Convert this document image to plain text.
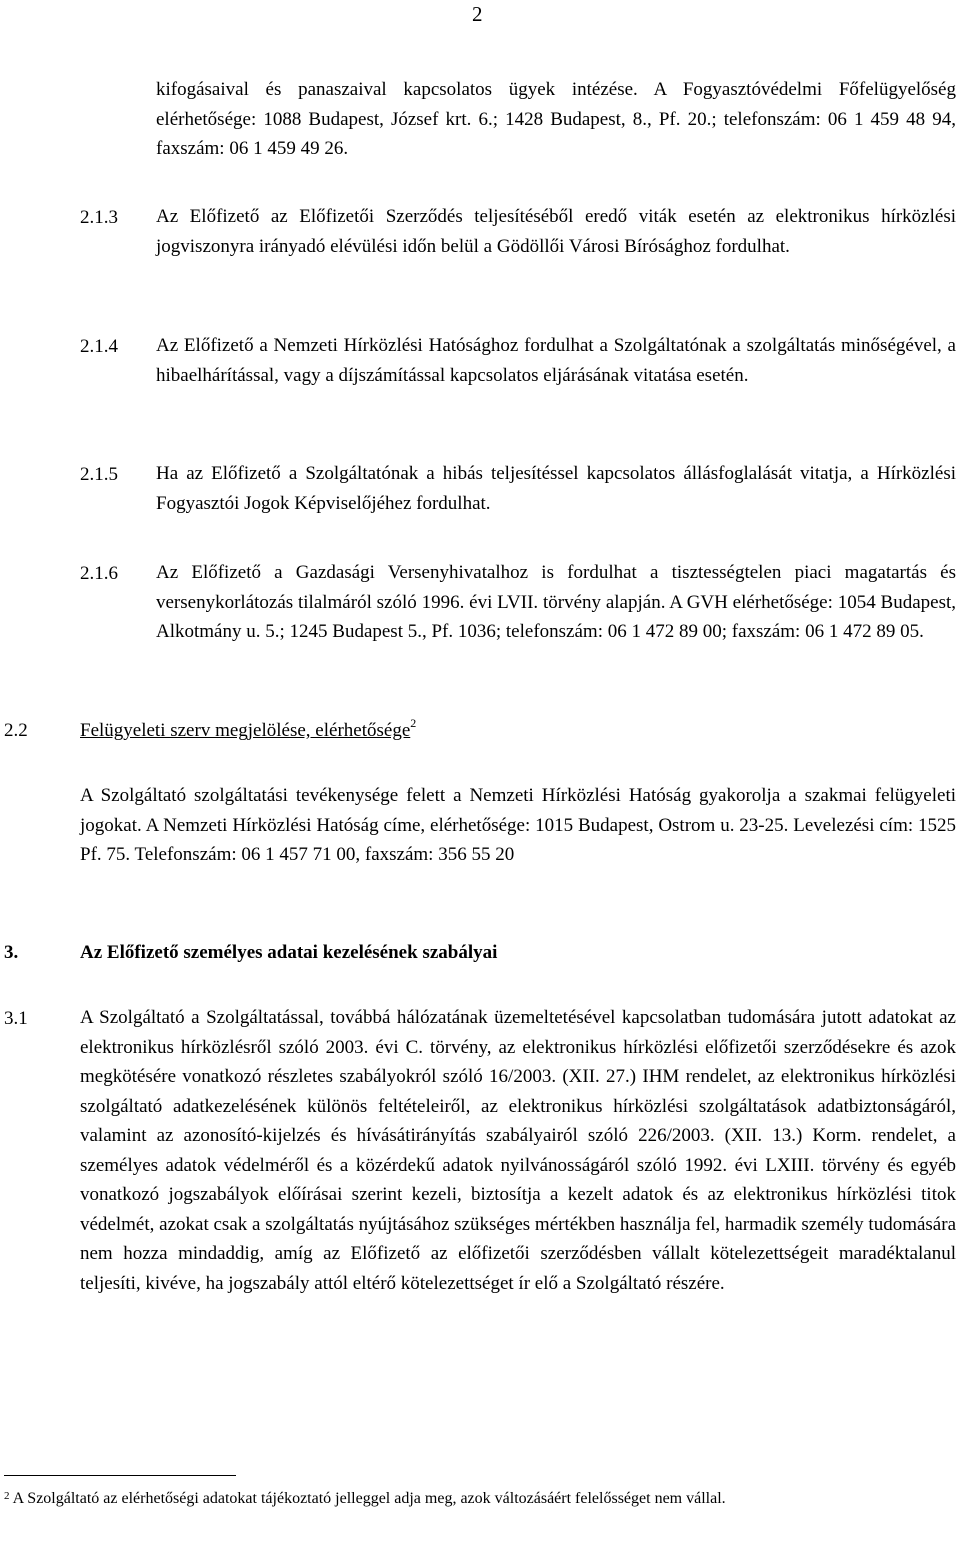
2
kifogásaival és panaszaival kapcsolatos ügyek intézése. A Fogyasztóvédelmi Főfelügyelőség elérhetősége: 1088 Budapest, József krt. 6.; 1428 Budapest, 8., Pf. 20.; telefonszám: 06 1 459 48 94, faxszám: 06 1 459 49 26.
2.1.3 Az Előfizető az Előfizetői Szerződés teljesítéséből eredő viták esetén az elektronikus hírközlési jogviszonyra irányadó elévülési időn belül a Gödöllői Városi Bírósághoz fordulhat.
2.1.4 Az Előfizető a Nemzeti Hírközlési Hatósághoz fordulhat a Szolgáltatónak a szolgáltatás minőségével, a hibaelhárítással, vagy a díjszámítással kapcsolatos eljárásának vitatása esetén.
2.1.5 Ha az Előfizető a Szolgáltatónak a hibás teljesítéssel kapcsolatos állásfoglalását vitatja, a Hírközlési Fogyasztói Jogok Képviselőjéhez fordulhat.
2.1.6 Az Előfizető a Gazdasági Versenyhivatalhoz is fordulhat a tisztességtelen piaci magatartás és versenykorlátozás tilalmáról szóló 1996. évi LVII. törvény alapján. A GVH elérhetősége: 1054 Budapest, Alkotmány u. 5.; 1245 Budapest 5., Pf. 1036; telefonszám: 06 1 472 89 00; faxszám: 06 1 472 89 05.
2.2	Felügyeleti szerv megjelölése, elérhetősége$^2$
A Szolgáltató szolgáltatási tevékenysége felett a Nemzeti Hírközlési Hatóság gyakorolja a szakmai felügyeleti jogokat. A Nemzeti Hírközlési Hatóság címe, elérhetősége: 1015 Budapest, Ostrom u. 23-25. Levelezési cím: 1525 Pf. 75. Telefonszám: 06 1 457 71 00, faxszám: 356 55 20
3.	Az Előfizető személyes adatai kezelésének szabályai
3.1	A Szolgáltató a Szolgáltatással, továbbá hálózatának üzemeltetésével kapcsolatban tudomására jutott adatokat az elektronikus hírközlésről szóló 2003. évi C. törvény, az elektronikus hírközlési előfizetői szerződésekre és azok megkötésére vonatkozó részletes szabályokról szóló 16/2003. (XII. 27.) IHM rendelet, az elektronikus hírközlési szolgáltató adatkezelésének különös feltételeiről, az elektronikus hírközlési szolgáltatások adatbiztonságáról, valamint az azonosító-kijelzés és hívásátirányítás szabályairól szóló 226/2003. (XII. 13.) Korm. rendelet, a személyes adatok védelméről és a közérdekű adatok nyilvánosságáról szóló 1992. évi LXIII. törvény és egyéb vonatkozó jogszabályok előírásai szerint kezeli, biztosítja a kezelt adatok és az elektronikus hírközlési titok védelmét, azokat csak a szolgáltatás nyújtásához szükséges mértékben használja fel, harmadik személy tudomására nem hozza mindaddig, amíg az Előfizető az előfizetői szerződésben vállalt kötelezettségeit maradéktalanul teljesíti, kivéve, ha jogszabály attól eltérő kötelezettséget ír elő a Szolgáltató részére.
$^2$ A Szolgáltató az elérhetőségi adatokat tájékoztató jelleggel adja meg, azok változásáért felelősséget nem vállal.
